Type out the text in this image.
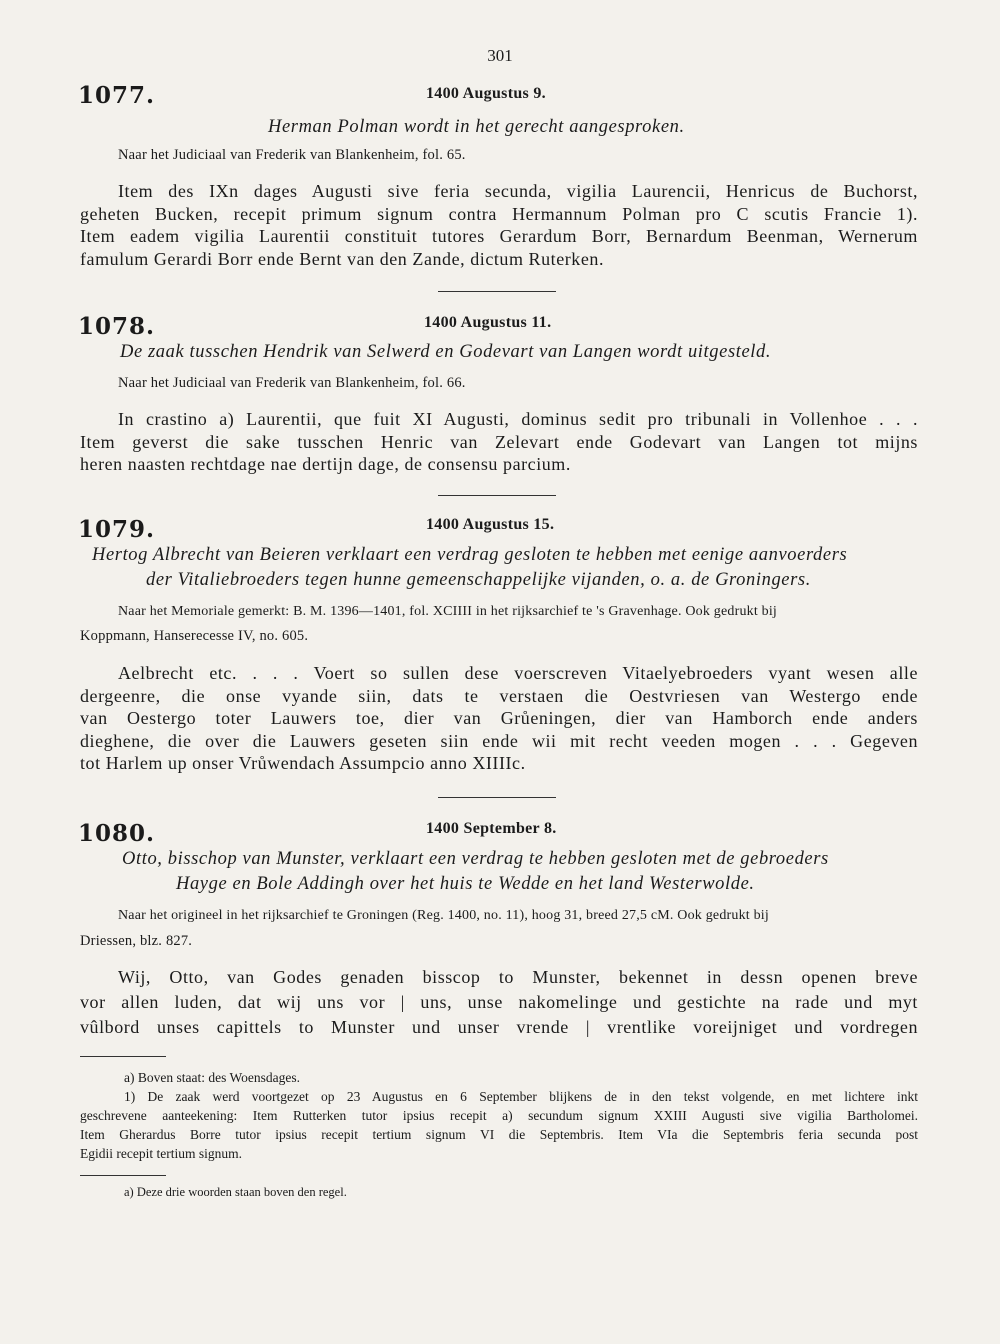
301
1077.	1400 Augustus 9.
Herman Polman wordt in het gerecht aangesproken.
Naar het Judiciaal van Frederik van Blankenheim, fol. 65.
Item des IXn dages Augusti sive feria secunda, vigilia Laurencii, Henricus de Buchorst,
geheten Bucken, recepit primum signum contra Hermannum Polman pro C scutis Francie 1).
Item eadem vigilia Laurentii constituit tutores Gerardum Borr, Bernardum Beenman, Wernerum
famulum Gerardi Borr ende Bernt van den Zande, dictum Ruterken.
1078.	1400 Augustus 11.
De zaak tusschen Hendrik van Selwerd en Godevart van Langen wordt uitgesteld.
Naar het Judiciaal van Frederik van Blankenheim, fol. 66.
In crastino a) Laurentii, que fuit XI Augusti, dominus sedit pro tribunali in Vollenhoe . . .
Item geverst die sake tusschen Henric van Zelevart ende Godevart van Langen tot mijns
heren naasten rechtdage nae dertijn dage, de consensu parcium.
1079.	1400 Augustus 15.
Hertog Albrecht van Beieren verklaart een verdrag gesloten te hebben met eenige aanvoerders
der Vitaliebroeders tegen hunne gemeenschappelijke vijanden, o. a. de Groningers.
Naar het Memoriale gemerkt: B. M. 1396—1401, fol. XCIIII in het rijksarchief te 's Gravenhage. Ook gedrukt bij
Koppmann, Hanserecesse IV, no. 605.
Aelbrecht etc. . . . Voert so sullen dese voerscreven Vitaelyebroeders vyant wesen alle
dergeenre, die onse vyande siin, dats te verstaen die Oestvriesen van Westergo ende
van Oestergo toter Lauwers toe, dier van Grůeningen, dier van Hamborch ende anders
dieghene, die over die Lauwers geseten siin ende wii mit recht veeden mogen . . . Gegeven
tot Harlem up onser Vrůwendach Assumpcio anno XIIIIc.
1080.	1400 September 8.
Otto, bisschop van Munster, verklaart een verdrag te hebben gesloten met de gebroeders
Hayge en Bole Addingh over het huis te Wedde en het land Westerwolde.
Naar het origineel in het rijksarchief te Groningen (Reg. 1400, no. 11), hoog 31, breed 27,5 cM. Ook gedrukt bij
Driessen, blz. 827.
Wij, Otto, van Godes genaden bisscop to Munster, bekennet in dessn openen breve
vor allen luden, dat wij uns vor | uns, unse nakomelinge und gestichte na rade und myt
vûlbord unses capittels to Munster und unser vrende | vrentlike voreijniget und vordregen
a) Boven staat: des Woensdages.
1) De zaak werd voortgezet op 23 Augustus en 6 September blijkens de in den tekst volgende, en met lichtere inkt
geschrevene aanteekening: Item Rutterken tutor ipsius recepit a) secundum signum XXIII Augusti sive vigilia Bartholomei.
Item Gherardus Borre tutor ipsius recepit tertium signum VI die Septembris. Item VIa die Septembris feria secunda post
Egidii recepit tertium signum.
a) Deze drie woorden staan boven den regel.
